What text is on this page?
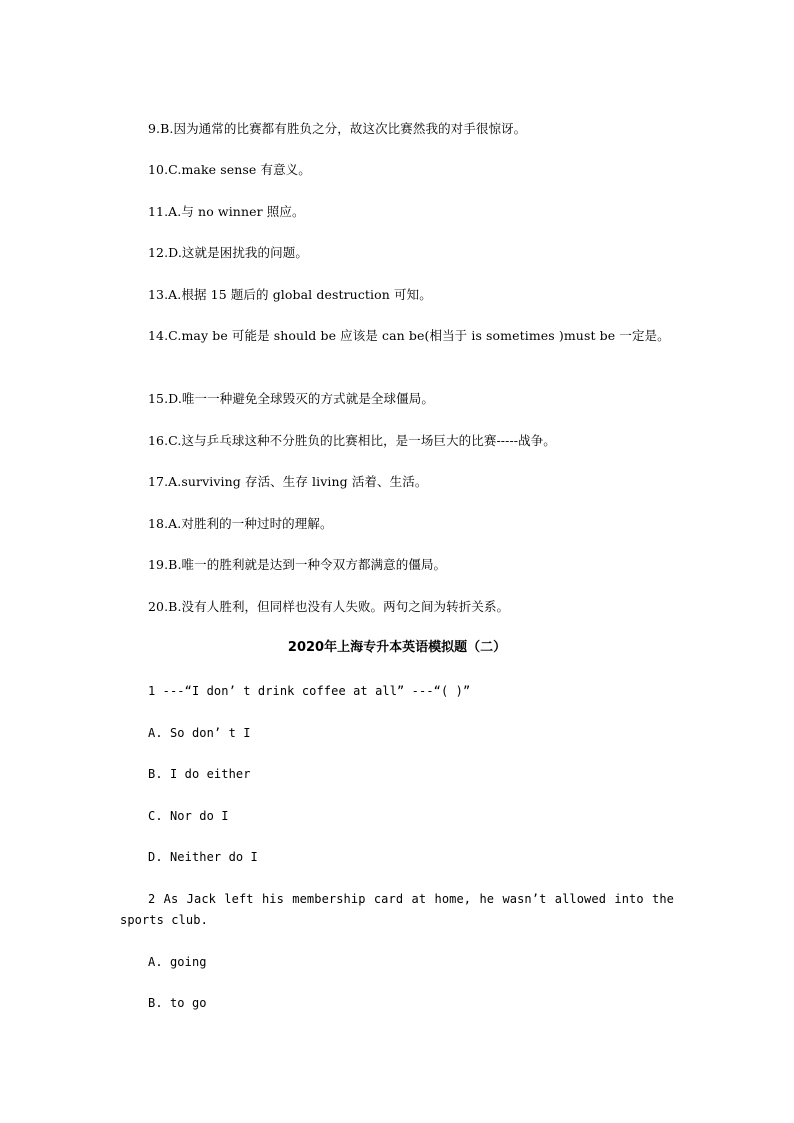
9.B.因为通常的比赛都有胜负之分，故这次比赛然我的对手很惊讶。
10.C.make sense 有意义。
11.A.与 no winner 照应。
12.D.这就是困扰我的问题。
13.A.根据 15 题后的 global destruction 可知。
14.C.may be 可能是 should be 应该是 can be(相当于 is sometimes )must be 一定是。
15.D.唯一一种避免全球毁灭的方式就是全球僵局。
16.C.这与乒乓球这种不分胜负的比赛相比，是一场巨大的比赛-----战争。
17.A.surviving 存活、生存 living 活着、生活。
18.A.对胜利的一种过时的理解。
19.B.唯一的胜利就是达到一种令双方都满意的僵局。
20.B.没有人胜利，但同样也没有人失败。两句之间为转折关系。
2020年上海专升本英语模拟题（二）
1 ---“I don’ t drink coffee at all” ---“( )”
A. So don’ t I
B. I do either
C. Nor do I
D. Neither do I
2 As Jack left his membership card at home, he wasn’t allowed into the sports club.
A. going
B. to go
